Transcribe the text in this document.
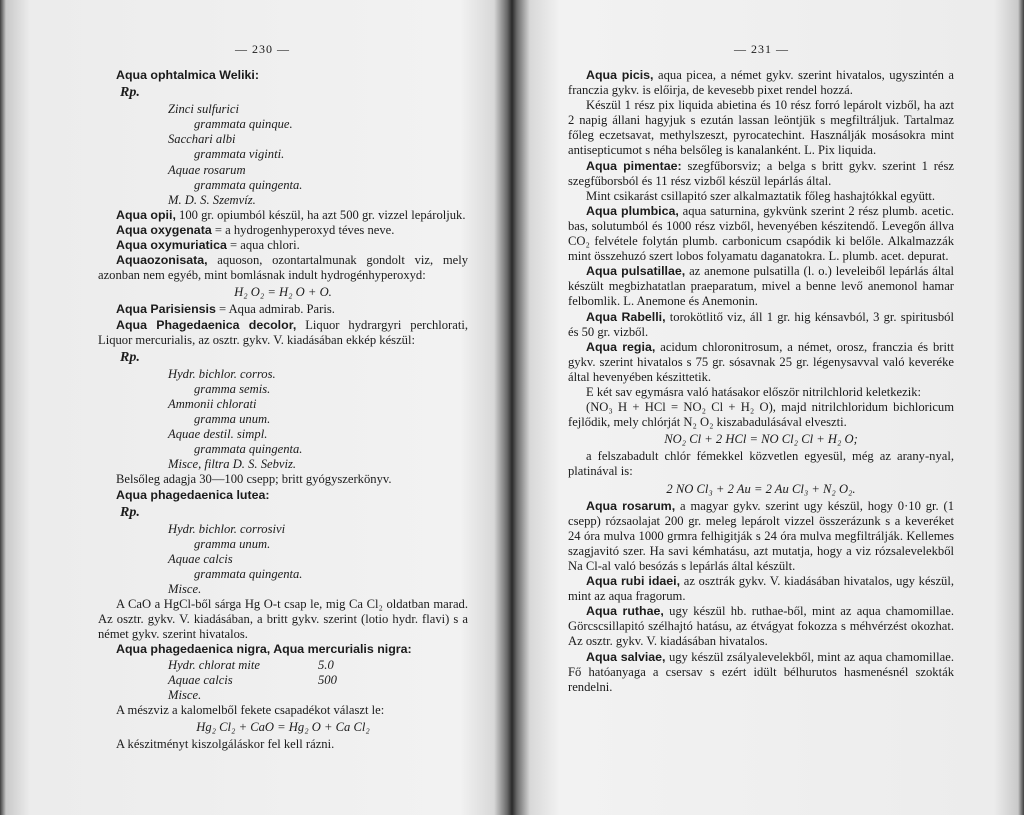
— 230 —

Aqua ophtalmica Weliki:

Rp.
Zinci sulfurici
grammata quinque.
Sacchari albi
grammata viginti.
Aquae rosarum
grammata quingenta.
M. D. S. Szemvíz.

Aqua opii, 100 gr. opiumból készül, ha azt 500 gr. vizzel lepároljuk.

Aqua oxygenata = a hydrogenhyperoxyd téves neve.

Aqua oxymuriatica = aqua chlori.

Aquaozonisata, aquoson, ozontartalmunak gondolt viz, mely azonban nem egyéb, mint bomlásnak indult hydrogénhyperoxyd:

H₂ O₂ = H₂ O + O.

Aqua Parisiensis = Aqua admirab. Paris.

Aqua Phagedaenica decolor, Liquor hydrargyri perchlorati, Liquor mercurialis, az osztr. gykv. V. kiadásában ekkép készül:

Rp.
Hydr. bichlor. corros.
gramma semis.
Ammonii chlorati
gramma unum.
Aquae destil. simpl.
grammata quingenta.
Misce, filtra D. S. Sebviz.

Belsőleg adagja 30—100 csepp; britt gyógyszerkönyv.

Aqua phagedaenica lutea:

Rp.
Hydr. bichlor. corrosivi
gramma unum.
Aquae calcis
grammata quingenta.
Misce.

A CaO a HgCl-ből sárga Hg O-t csap le, mig Ca Cl₂ oldatban marad. Az osztr. gykv. V. kiadásában, a britt gykv. szerint (lotio hydr. flavi) s a német gykv. szerint hivatalos.

Aqua phagedaenica nigra, Aqua mercurialis nigra:

Hydr. chlorat mite	5.0
Aquae calcis	500
Misce.

A mészviz a kalomelből fekete csapadékot választ le:

Hg₂ Cl₂ + CaO = Hg₂ O + Ca Cl₂

A készitményt kiszolgáláskor fel kell rázni.

— 231 —

Aqua picis, aqua picea, a német gykv. szerint hivatalos, ugyszintén a franczia gykv. is előirja, de kevesebb pixet rendel hozzá.

Készül 1 rész pix liquida abietina és 10 rész forró lepárolt vizből, ha azt 2 napig állani hagyjuk s ezután lassan leöntjük s megfiltráljuk. Tartalmaz főleg eczetsavat, methylszeszt, pyrocatechint. Használják mosásokra mint antisepticumot s néha belsőleg is kanalanként. L. Pix liquida.

Aqua pimentae: szegfűborsviz; a belga s britt gykv. szerint 1 rész szegfűborsból és 11 rész vizből készül lepárlás által.

Mint csikarást csillapitó szer alkalmaztatik főleg hashajtókkal együtt.

Aqua plumbica, aqua saturnina, gykvünk szerint 2 rész plumb. acetic. bas, solutumból és 1000 rész vizből, hevenyében készitendő. Levegőn állva CO₂ felvétele folytán plumb. carbonicum csapódik ki belőle. Alkalmazzák mint összehuzó szert lobos folyamatu daganatokra. L. plumb. acet. depurat.

Aqua pulsatillae, az anemone pulsatilla (l. o.) leveleiből lepárlás által készült megbizhatatlan praeparatum, mivel a benne levő anemonol hamar felbomlik. L. Anemone és Anemonin.

Aqua Rabelli, torokötlitő viz, áll 1 gr. hig kénsavból, 3 gr. spiritusból és 50 gr. vizből.

Aqua regia, acidum chloronitrosum, a német, orosz, franczia és britt gykv. szerint hivatalos s 75 gr. sósavnak 25 gr. légenysavval való keveréke által hevenyében készittetik.

E két sav egymásra való hatásakor először nitrilchlorid keletkezik:

(NO₃ H + HCl = NO₂ Cl + H₂ O), majd nitrilchloridum bichloricum fejlődik, mely chlórját N₂ O₂ kiszabadulásával elveszti.

NO₂ Cl + 2 HCl = NO Cl₂ Cl + H₂ O;

a felszabadult chlór fémekkel közvetlen egyesül, még az arany-nyal, platinával is:

2 NO Cl₃ + 2 Au = 2 Au Cl₃ + N₂ O₂.

Aqua rosarum, a magyar gykv. szerint ugy készül, hogy 0·10 gr. (1 csepp) rózsaolajat 200 gr. meleg lepárolt vizzel összerázunk s a keveréket 24 óra mulva 1000 grmra felhigitják s 24 óra mulva megfiltrálják. Kellemes szagjavitó szer. Ha savi kémhatásu, azt mutatja, hogy a viz rózsalevelekből Na Cl-al való besózás s lepárlás által készült.

Aqua rubi idaei, az osztrák gykv. V. kiadásában hivatalos, ugy készül, mint az aqua fragorum.

Aqua ruthae, ugy készül hb. ruthae-ből, mint az aqua chamomillae. Görcscsillapitó szélhajtó hatásu, az étvágyat fokozza s méhvérzést okozhat. Az osztr. gykv. V. kiadásában hivatalos.

Aqua salviae, ugy készül zsályalevelekből, mint az aqua chamomillae. Fő hatóanyaga a csersav s ezért idült bélhurutos hasmenésnél szokták rendelni.
